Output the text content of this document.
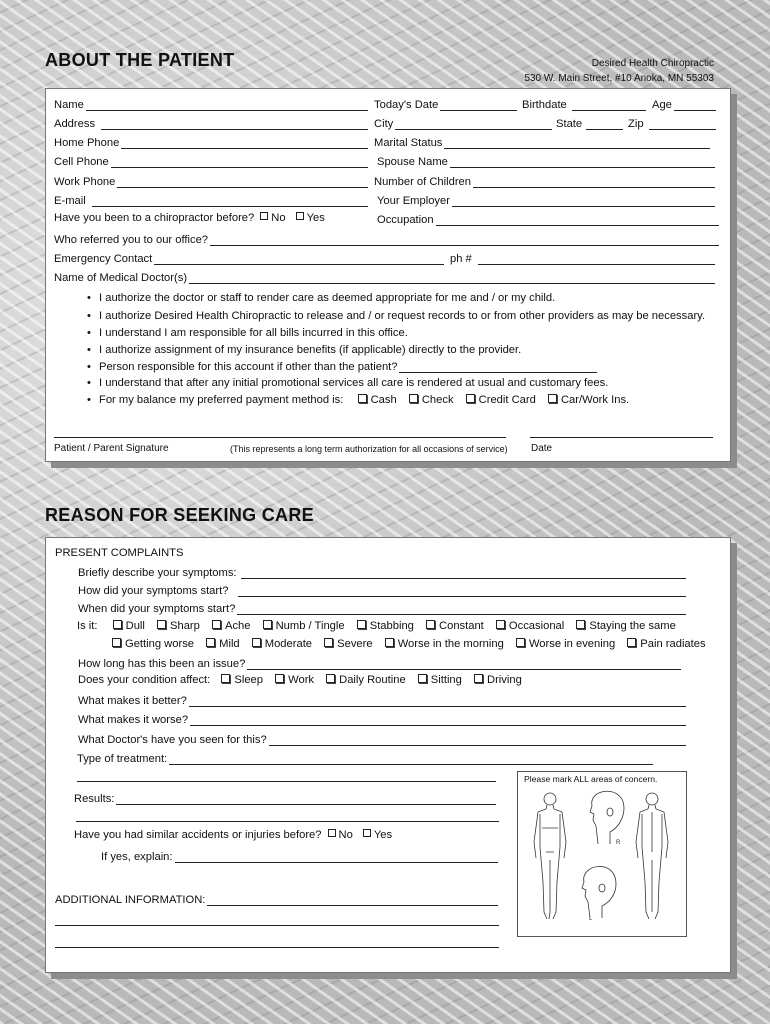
ABOUT THE PATIENT	Desired Health Chiropractic
530 W. Main Street, #10 Anoka, MN 55303
Name	Today's Date	Birthdate	Age
Address	City	State	Zip
Home Phone	Marital Status
Cell Phone	Spouse Name
Work Phone	Number of Children
E-mail	Your Employer
Have you been to a chiropractor before? No Yes	Occupation
Who referred you to our office?
Emergency Contact	ph #
Name of Medical Doctor(s)
• I authorize the doctor or staff to render care as deemed appropriate for me and / or my child.
• I authorize Desired Health Chiropractic to release and / or request records to or from other providers as may be necessary.
• I understand I am responsible for all bills incurred in this office.
• I authorize assignment of my insurance benefits (if applicable) directly to the provider.
• Person responsible for this account if other than the patient?
• I understand that after any initial promotional services all care is rendered at usual and customary fees.
• For my balance my preferred payment method is: Cash Check Credit Card Car/Work Ins.
Patient / Parent Signature	(This represents a long term authorization for all occasions of service) Date
REASON FOR SEEKING CARE
PRESENT COMPLAINTS
Briefly describe your symptoms:
How did your symptoms start?
When did your symptoms start?
Is it:	Dull Sharp Ache Numb / Tingle Stabbing Constant Occasional Staying the same
Getting worse Mild Moderate Severe Worse in the morning Worse in evening Pain radiates
How long has this been an issue?
Does your condition affect: Sleep Work Daily Routine Sitting Driving
What makes it better?
What makes it worse?
What Doctor's have you seen for this?
Type of treatment:
Results:
Have you had similar accidents or injuries before? No Yes
If yes, explain:
ADDITIONAL INFORMATION:
Please mark ALL areas of concern.
R
L
